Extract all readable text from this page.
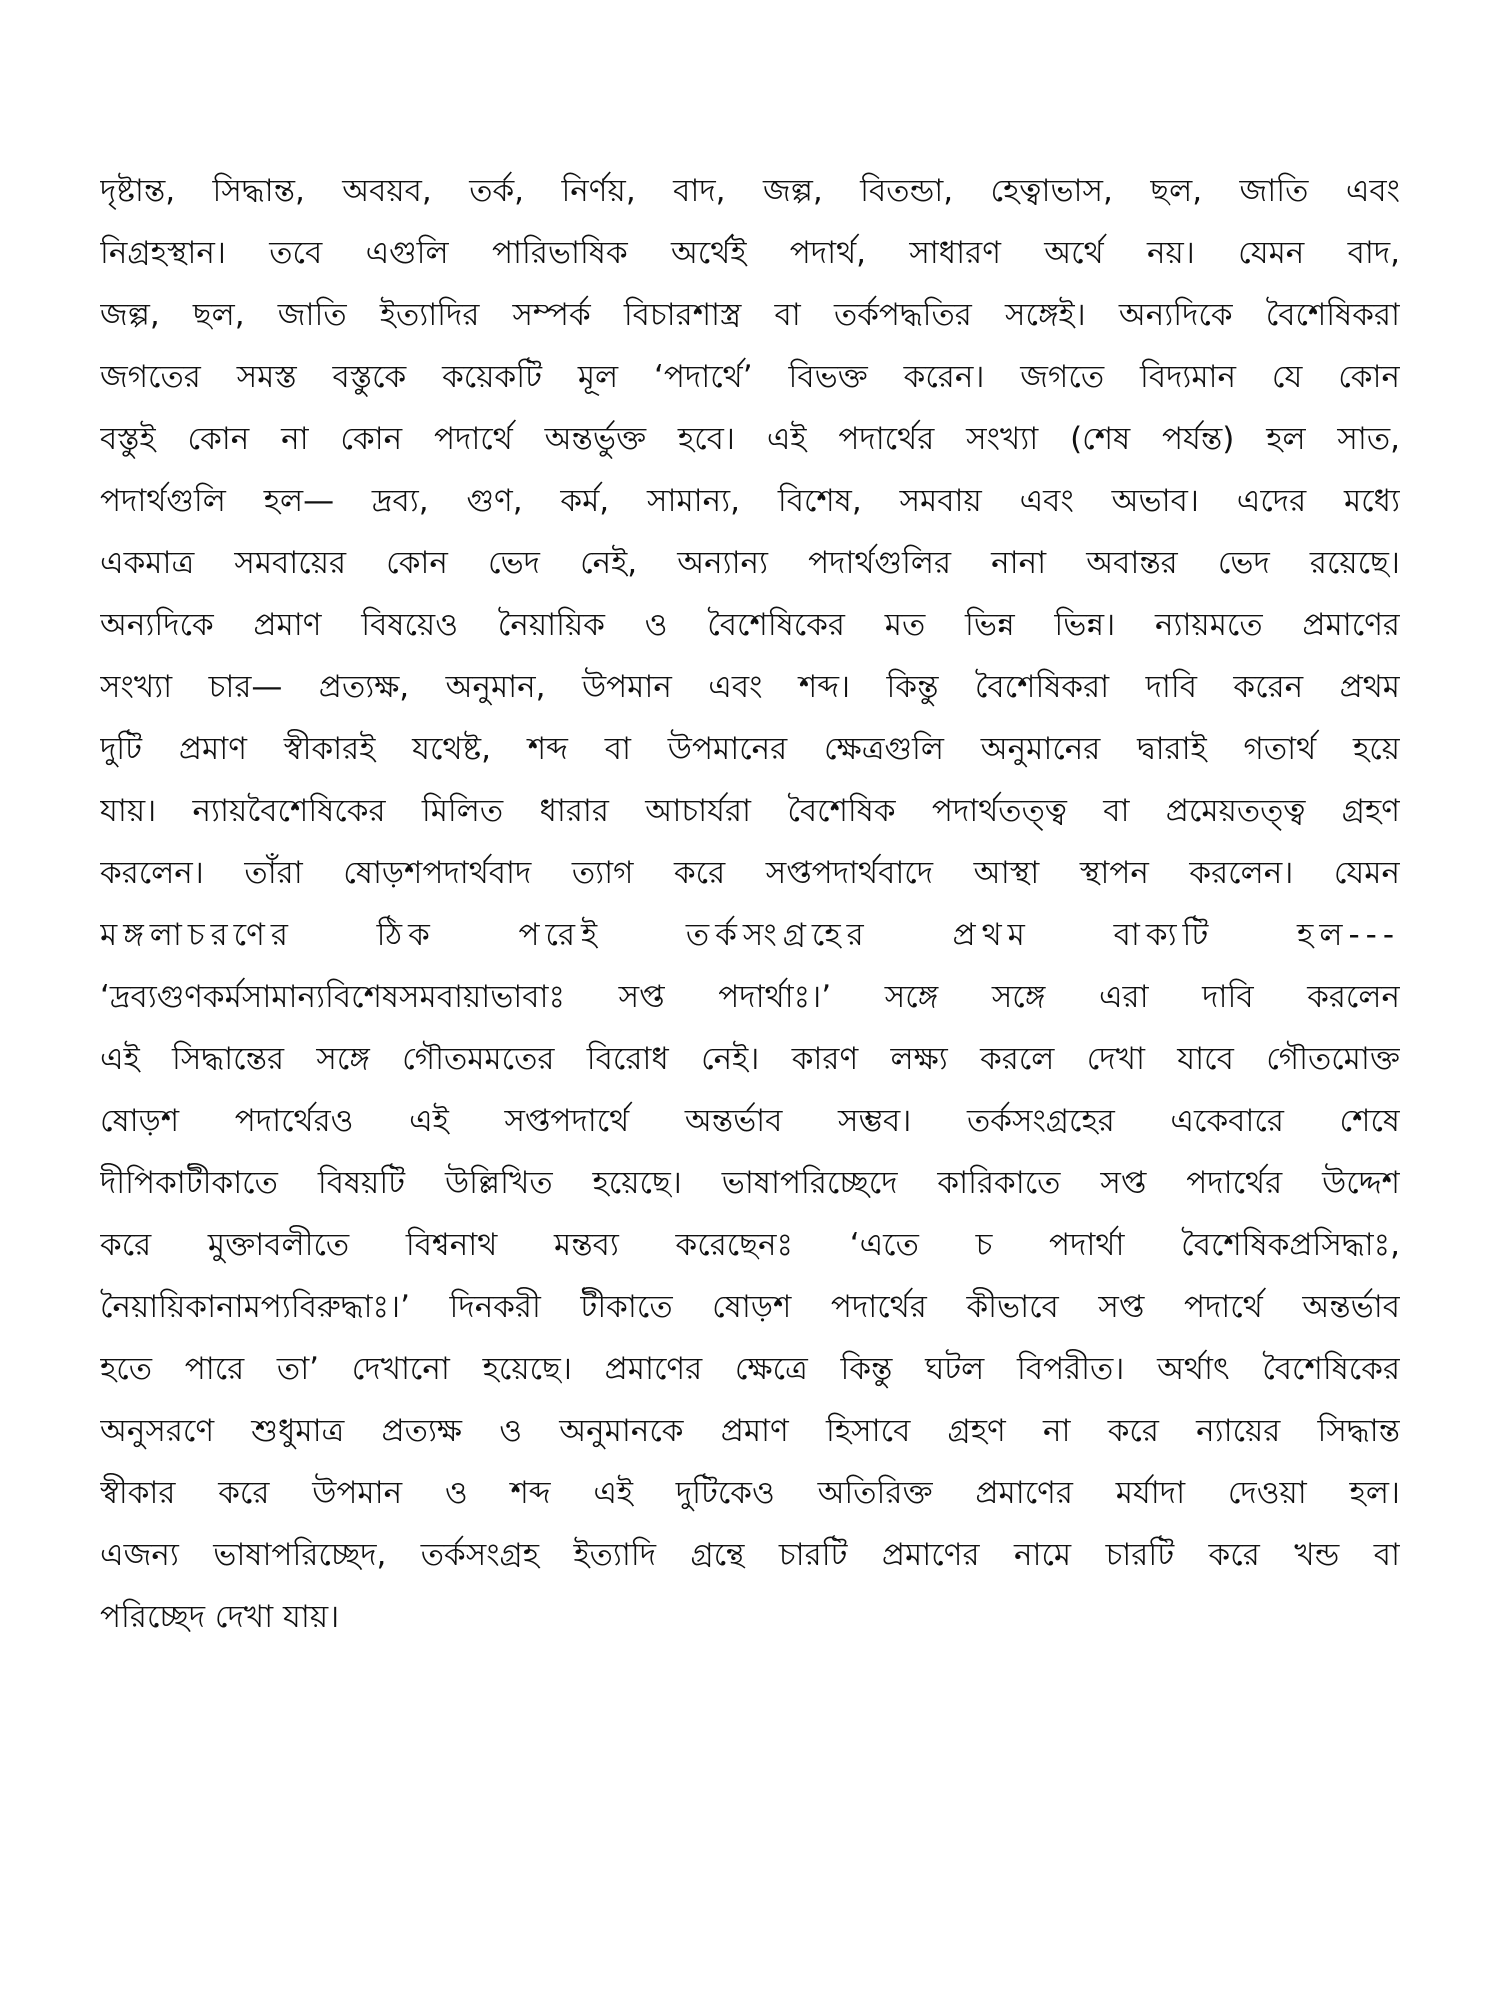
দৃষ্টান্ত, সিদ্ধান্ত, অবয়ব, তর্ক, নির্ণয়, বাদ, জল্প, বিতন্ডা, হেত্বাভাস, ছল, জাতি এবং
নিগ্রহস্থান। তবে এগুলি পারিভাষিক অর্থেই পদার্থ, সাধারণ অর্থে নয়। যেমন বাদ,
জল্প, ছল, জাতি ইত্যাদির সম্পর্ক বিচারশাস্ত্র বা তর্কপদ্ধতির সঙ্গেই। অন্যদিকে বৈশেষিকরা
জগতের সমস্ত বস্তুকে কয়েকটি মূল ‘পদার্থে’ বিভক্ত করেন। জগতে বিদ্যমান যে কোন
বস্তুই কোন না কোন পদার্থে অন্তর্ভুক্ত হবে। এই পদার্থের সংখ্যা (শেষ পর্যন্ত) হল সাত,
পদার্থগুলি হল— দ্রব্য, গুণ, কর্ম, সামান্য, বিশেষ, সমবায় এবং অভাব। এদের মধ্যে
একমাত্র সমবায়ের কোন ভেদ নেই, অন্যান্য পদার্থগুলির নানা অবান্তর ভেদ রয়েছে।
অন্যদিকে প্রমাণ বিষয়েও নৈয়ায়িক ও বৈশেষিকের মত ভিন্ন ভিন্ন। ন্যায়মতে প্রমাণের
সংখ্যা চার— প্রত্যক্ষ, অনুমান, উপমান এবং শব্দ। কিন্তু বৈশেষিকরা দাবি করেন প্রথম
দুটি প্রমাণ স্বীকারই যথেষ্ট, শব্দ বা উপমানের ক্ষেত্রগুলি অনুমানের দ্বারাই গতার্থ হয়ে
যায়। ন্যায়বৈশেষিকের মিলিত ধারার আচার্যরা বৈশেষিক পদার্থতত্ত্ব বা প্রমেয়তত্ত্ব গ্রহণ
করলেন। তাঁরা ষোড়শপদার্থবাদ ত্যাগ করে সপ্তপদার্থবাদে আস্থা স্থাপন করলেন। যেমন
মঙ্গলাচরণের ঠিক পরেই তর্কসংগ্রহের প্রথম বাক্যটি হল---
‘দ্রব্যগুণকর্মসামান্যবিশেষসমবায়াভাবাঃ সপ্ত পদার্থাঃ।’ সঙ্গে সঙ্গে এরা দাবি করলেন
এই সিদ্ধান্তের সঙ্গে গৌতমমতের বিরোধ নেই। কারণ লক্ষ্য করলে দেখা যাবে গৌতমোক্ত
ষোড়শ পদার্থেরও এই সপ্তপদার্থে অন্তর্ভাব সম্ভব। তর্কসংগ্রহের একেবারে শেষে
দীপিকাটীকাতে বিষয়টি উল্লিখিত হয়েছে। ভাষাপরিচ্ছেদে কারিকাতে সপ্ত পদার্থের উদ্দেশ
করে মুক্তাবলীতে বিশ্বনাথ মন্তব্য করেছেনঃ ‘এতে চ পদার্থা বৈশেষিকপ্রসিদ্ধাঃ,
নৈয়ায়িকানামপ্যবিরুদ্ধাঃ।’ দিনকরী টীকাতে ষোড়শ পদার্থের কীভাবে সপ্ত পদার্থে অন্তর্ভাব
হতে পারে তা’ দেখানো হয়েছে। প্রমাণের ক্ষেত্রে কিন্তু ঘটল বিপরীত। অর্থাৎ বৈশেষিকের
অনুসরণে শুধুমাত্র প্রত্যক্ষ ও অনুমানকে প্রমাণ হিসাবে গ্রহণ না করে ন্যায়ের সিদ্ধান্ত
স্বীকার করে উপমান ও শব্দ এই দুটিকেও অতিরিক্ত প্রমাণের মর্যাদা দেওয়া হল।
এজন্য ভাষাপরিচ্ছেদ, তর্কসংগ্রহ ইত্যাদি গ্রন্থে চারটি প্রমাণের নামে চারটি করে খন্ড বা
পরিচ্ছেদ দেখা যায়।
